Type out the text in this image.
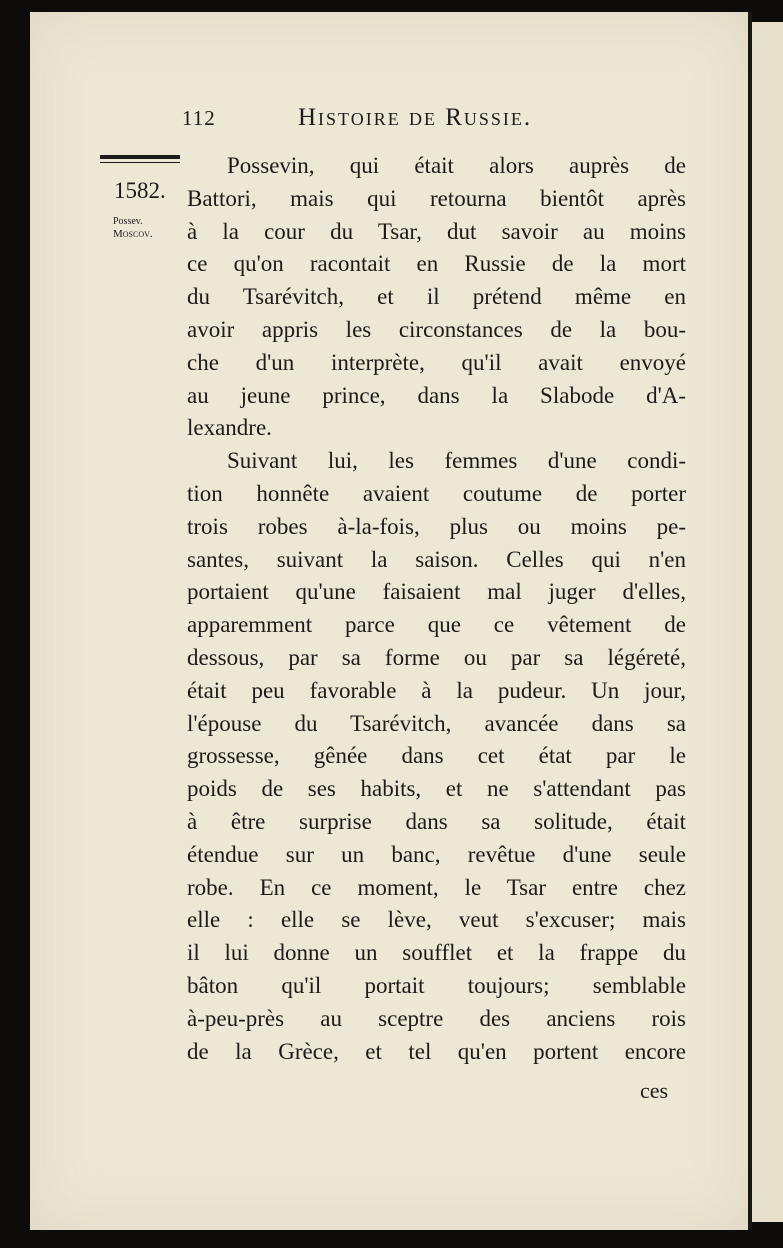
112	Histoire de Russie.
1582.
Possev.
Moscov.
Possevin, qui était alors auprès de
Battori, mais qui retourna bientôt après
à la cour du Tsar, dut savoir au moins
ce qu'on racontait en Russie de la mort
du Tsarévitch, et il prétend même en
avoir appris les circonstances de la bou-
che d'un interprète, qu'il avait envoyé
au jeune prince, dans la Slabode d'A-
lexandre.
Suivant lui, les femmes d'une condi-
tion honnête avaient coutume de porter
trois robes à-la-fois, plus ou moins pe-
santes, suivant la saison. Celles qui n'en
portaient qu'une faisaient mal juger d'elles,
apparemment parce que ce vêtement de
dessous, par sa forme ou par sa légéreté,
était peu favorable à la pudeur. Un jour,
l'épouse du Tsarévitch, avancée dans sa
grossesse, gênée dans cet état par le
poids de ses habits, et ne s'attendant pas
à être surprise dans sa solitude, était
étendue sur un banc, revêtue d'une seule
robe. En ce moment, le Tsar entre chez
elle : elle se lève, veut s'excuser; mais
il lui donne un soufflet et la frappe du
bâton qu'il portait toujours; semblable
à-peu-près au sceptre des anciens rois
de la Grèce, et tel qu'en portent encore
ces
